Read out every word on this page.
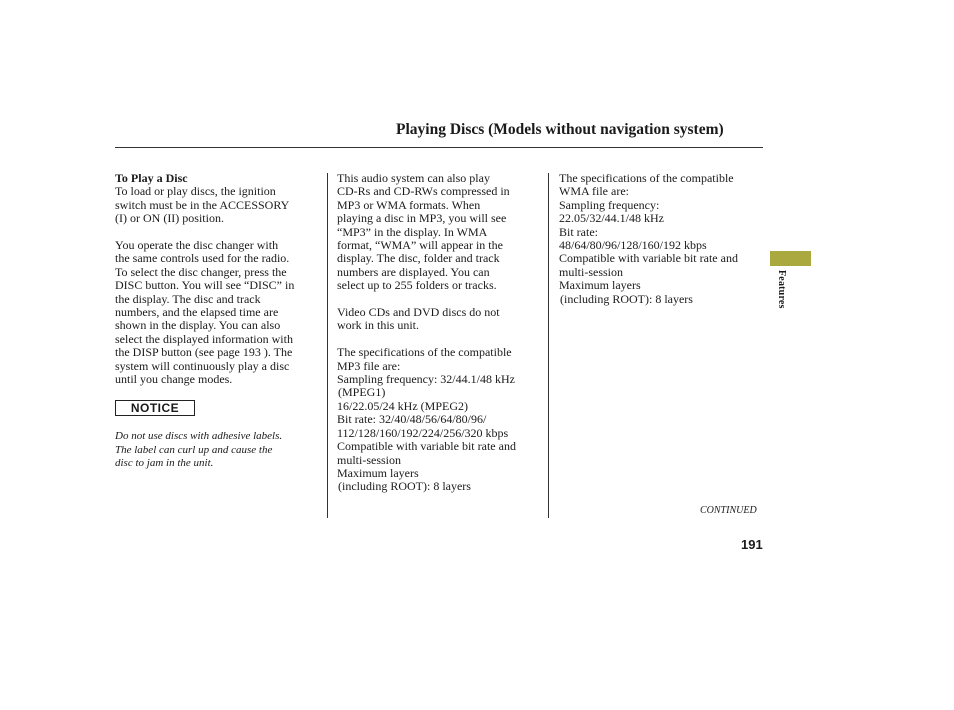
Playing Discs (Models without navigation system)

To Play a Disc

To load or play discs, the ignition

switch must be in the ACCESSORY

(I) or ON (II) position.

You operate the disc changer with

the same controls used for the radio.

To select the disc changer, press the

DISC button. You will see “DISC” in

the display. The disc and track

numbers, and the elapsed time are

shown in the display. You can also

select the displayed information with

the DISP button (see page 193 ). The

system will continuously play a disc

until you change modes.

NOTICE

Do not use discs with adhesive labels.

The label can curl up and cause the

disc to jam in the unit.

This audio system can also play

CD-Rs and CD-RWs compressed in

MP3 or WMA formats. When

playing a disc in MP3, you will see

“MP3” in the display. In WMA

format, “WMA” will appear in the

display. The disc, folder and track

numbers are displayed. You can

select up to 255 folders or tracks.

Video CDs and DVD discs do not

work in this unit.

The specifications of the compatible

MP3 file are:

Sampling frequency: 32/44.1/48 kHz

(MPEG1)

16/22.05/24 kHz (MPEG2)

Bit rate: 32/40/48/56/64/80/96/

112/128/160/192/224/256/320 kbps

Compatible with variable bit rate and

multi-session

Maximum layers

(including ROOT): 8 layers

The specifications of the compatible

WMA file are:

Sampling frequency:

22.05/32/44.1/48 kHz

Bit rate:

48/64/80/96/128/160/192 kbps

Compatible with variable bit rate and

multi-session

Maximum layers

(including ROOT): 8 layers	Features
CONTINUED
191
